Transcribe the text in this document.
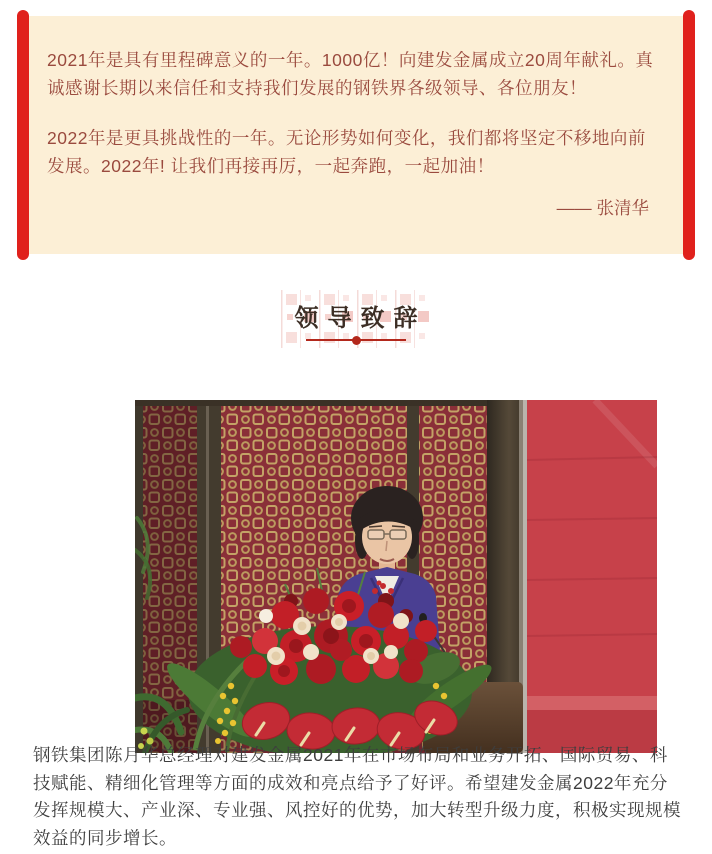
2021年是具有里程碑意义的一年。1000亿！向建发金属成立20周年献礼。真诚感谢长期以来信任和支持我们发展的钢铁界各级领导、各位朋友！

2022年是更具挑战性的一年。无论形势如何变化，我们都将坚定不移地向前发展。2022年! 让我们再接再厉，一起奔跑，一起加油！

—— 张清华
领导致辞

钢铁集团陈月华总经理对建发金属2021年在市场布局和业务开拓、国际贸易、科技赋能、精细化管理等方面的成效和亮点给予了好评。希望建发金属2022年充分发挥规模大、产业深、专业强、风控好的优势，加大转型升级力度，积极实现规模效益的同步增长。
